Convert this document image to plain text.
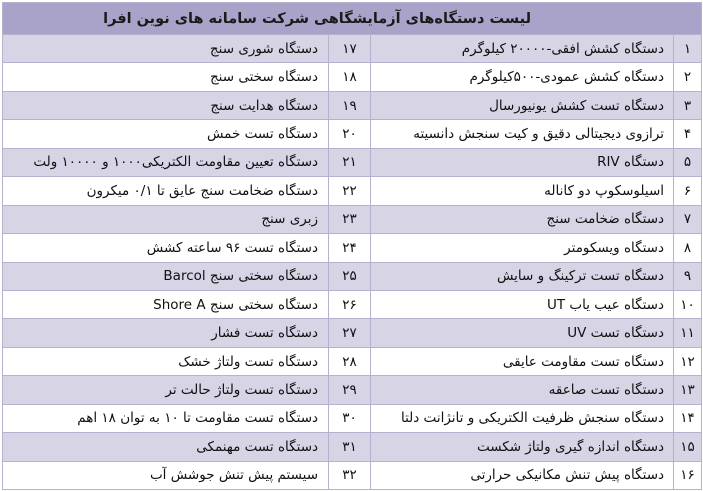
لیست دستگاه‌های آزمایشگاهی شرکت سامانه های نوین افرا			
۱	دستگاه کشش افقی-۲۰۰۰۰ کیلوگرم	۱۷	دستگاه شوری سنج
۲	دستگاه کشش عمودی-۵۰۰کیلوگرم	۱۸	دستگاه سختی سنج
۳	دستگاه تست کشش یونیورسال	۱۹	دستگاه هدایت سنج
۴	ترازوی دیجیتالی دقیق و کیت سنجش دانسیته	۲۰	دستگاه تست خمش
۵	دستگاه RIV	۲۱	دستگاه تعیین مقاومت الکتریکی۱۰۰۰ و ۱۰۰۰۰ ولت
۶	اسیلوسکوپ دو کاناله	۲۲	دستگاه ضخامت سنج عایق تا ۰/۱ میکرون
۷	دستگاه ضخامت سنج	۲۳	زبری سنج
۸	دستگاه ویسکومتر	۲۴	دستگاه تست ۹۶ ساعته کشش
۹	دستگاه تست ترکینگ و سایش	۲۵	دستگاه سختی سنج Barcol
۱۰	دستگاه عیب یاب UT	۲۶	دستگاه سختی سنج Shore A
۱۱	دستگاه تست UV	۲۷	دستگاه تست فشار
۱۲	دستگاه تست مقاومت عایقی	۲۸	دستگاه تست ولتاژ خشک
۱۳	دستگاه تست صاعقه	۲۹	دستگاه تست ولتاژ حالت تر
۱۴	دستگاه سنجش ظرفیت الکتریکی و تانژانت دلتا	۳۰	دستگاه تست مقاومت تا ۱۰ به توان ۱۸ اهم
۱۵	دستگاه اندازه گیری ولتاژ شکست	۳۱	دستگاه تست مهنمکی
۱۶	دستگاه پیش تنش مکانیکی حرارتی	۳۲	سیستم پیش تنش جوشش آب
